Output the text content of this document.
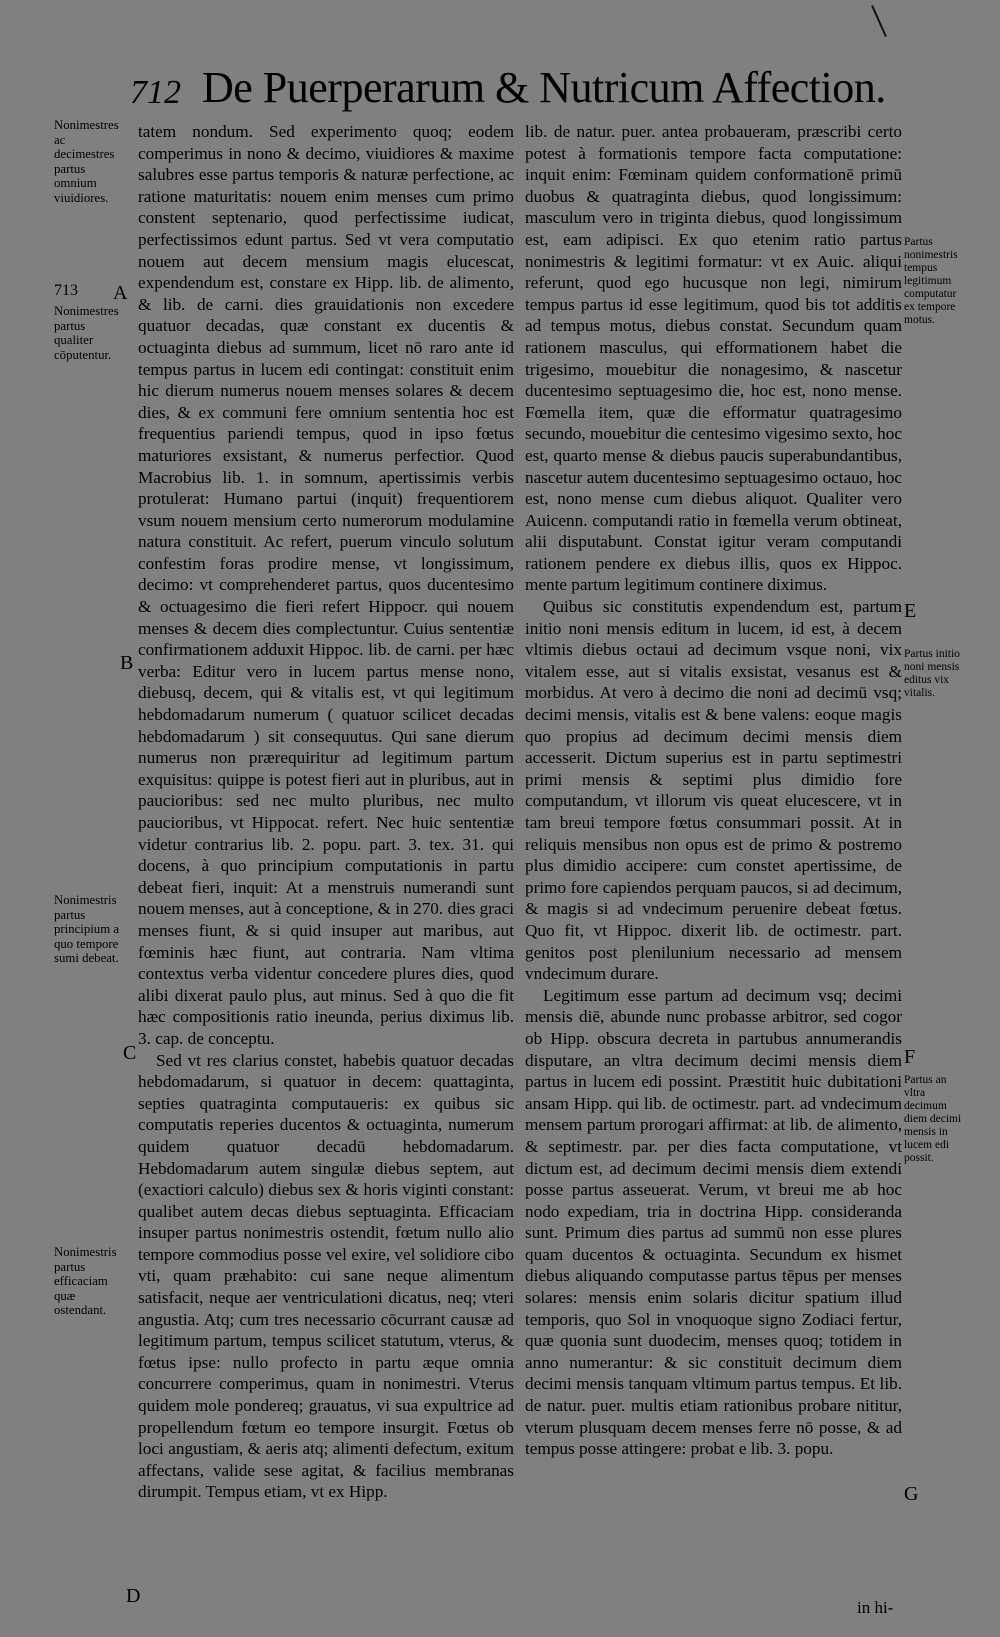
712 De Puerperarum & Nutricum Affection.
Nonimestres ac decimestres partus omnium viuidiores.
713	A
Nonimestres partus qualiter cōputentur.
B
Nonimestris partus principium a quo tempore sumi debeat.
C
Nonimestris partus efficaciam quæ ostendant.
D

tatem nondum. Sed experimento quoq; eodem comperimus in nono & decimo, viuidiores & maxime salubres esse partus temporis & naturæ perfectione, ac ratione maturitatis: nouem enim menses cum primo constent septenario, quod perfectissime iudicat, perfectissimos edunt partus. Sed vt vera computatio nouem aut decem mensium magis elucescat, expendendum est, constare ex Hipp. lib. de alimento, & lib. de carni. dies grauidationis non excedere quatuor decadas, quæ constant ex ducentis & octuaginta diebus ad summum, licet nō raro ante id tempus partus in lucem edi contingat: constituit enim hic dierum numerus nouem menses solares & decem dies, & ex communi fere omnium sententia hoc est frequentius pariendi tempus, quod in ipso fœtus maturiores exsistant, & numerus perfectior. Quod Macrobius lib. 1. in somnum, apertissimis verbis protulerat: Humano partui (inquit) frequentiorem vsum nouem mensium certo numerorum modulamine natura constituit. Ac refert, puerum vinculo solutum confestim foras prodire mense, vt longissimum, decimo: vt comprehenderet partus, quos ducentesimo & octuagesimo die fieri refert Hippocr. qui nouem menses & decem dies complectuntur. Cuius sententiæ confirmationem adduxit Hippoc. lib. de carni. per hæc verba: Editur vero in lucem partus mense nono, diebusq, decem, qui & vitalis est, vt qui legitimum hebdomadarum numerum ( quatuor scilicet decadas hebdomadarum ) sit consequutus. Qui sane dierum numerus non prærequiritur ad legitimum partum exquisitus: quippe is potest fieri aut in pluribus, aut in paucioribus: sed nec multo pluribus, nec multo paucioribus, vt Hippocat. refert. Nec huic sententiæ videtur contrarius lib. 2. popu. part. 3. tex. 31. qui docens, à quo principium computationis in partu debeat fieri, inquit: At a menstruis numerandi sunt nouem menses, aut à conceptione, & in 270. dies graci menses fiunt, & si quid insuper aut maribus, aut fœminis hæc fiunt, aut contraria. Nam vltima contextus verba videntur concedere plures dies, quod alibi dixerat paulo plus, aut minus. Sed à quo die fit hæc compositionis ratio ineunda, perius diximus lib. 3. cap. de conceptu.

Sed vt res clarius constet, habebis quatuor decadas hebdomadarum, si quatuor in decem: quattaginta, septies quatraginta computaueris: ex quibus sic computatis reperies ducentos & octuaginta, numerum quidem quatuor decadū hebdomadarum. Hebdomadarum autem singulæ diebus septem, aut (exactiori calculo) diebus sex & horis viginti constant: qualibet autem decas diebus septuaginta. Efficaciam insuper partus nonimestris ostendit, fœtum nullo alio tempore commodius posse vel exire, vel solidiore cibo vti, quam præhabito: cui sane neque alimentum satisfacit, neque aer ventriculationi dicatus, neq; vteri angustia. Atq; cum tres necessario cōcurrant causæ ad legitimum partum, tempus scilicet statutum, vterus, & fœtus ipse: nullo profecto in partu æque omnia concurrere comperimus, quam in nonimestri. Vterus quidem mole pondereq; grauatus, vi sua expultrice ad propellendum fœtum eo tempore insurgit. Fœtus ob loci angustiam, & aeris atq; alimenti defectum, exitum affectans, valide sese agitat, & facilius membranas dirumpit. Tempus etiam, vt ex Hipp.

lib. de natur. puer. antea probaueram, præscribi certo potest à formationis tempore facta computatione: inquit enim: Fœminam quidem conformationē primū duobus & quatraginta diebus, quod longissimum: masculum vero in triginta diebus, quod longissimum est, eam adipisci. Ex quo etenim ratio partus nonimestris & legitimi formatur: vt ex Auic. aliqui referunt, quod ego hucusque non legi, nimirum tempus partus id esse legitimum, quod bis tot additis ad tempus motus, diebus constat. Secundum quam rationem masculus, qui efformationem habet die trigesimo, mouebitur die nonagesimo, & nascetur ducentesimo septuagesimo die, hoc est, nono mense. Fœmella item, quæ die efformatur quatragesimo secundo, mouebitur die centesimo vigesimo sexto, hoc est, quarto mense & diebus paucis superabundantibus, nascetur autem ducentesimo septuagesimo octauo, hoc est, nono mense cum diebus aliquot. Qualiter vero Auicenn. computandi ratio in fœmella verum obtineat, alii disputabunt. Constat igitur veram computandi rationem pendere ex diebus illis, quos ex Hippoc. mente partum legitimum continere diximus.

Quibus sic constitutis expendendum est, partum initio noni mensis editum in lucem, id est, à decem vltimis diebus octaui ad decimum vsque noni, vix vitalem esse, aut si vitalis exsistat, vesanus est & morbidus. At vero à decimo die noni ad decimū vsq; decimi mensis, vitalis est & bene valens: eoque magis quo propius ad decimum decimi mensis diem accesserit. Dictum superius est in partu septimestri primi mensis & septimi plus dimidio fore computandum, vt illorum vis queat elucescere, vt in tam breui tempore fœtus consummari possit. At in reliquis mensibus non opus est de primo & postremo plus dimidio accipere: cum constet apertissime, de primo fore capiendos perquam paucos, si ad decimum, & magis si ad vndecimum peruenire debeat fœtus. Quo fit, vt Hippoc. dixerit lib. de octimestr. part. genitos post plenilunium necessario ad mensem vndecimum durare.

Legitimum esse partum ad decimum vsq; decimi mensis diē, abunde nunc probasse arbitror, sed cogor ob Hipp. obscura decreta in partubus annumerandis disputare, an vltra decimum decimi mensis diem partus in lucem edi possint. Præstitit huic dubitationi ansam Hipp. qui lib. de octimestr. part. ad vndecimum mensem partum prorogari affirmat: at lib. de alimento, & septimestr. par. per dies facta computatione, vt dictum est, ad decimum decimi mensis diem extendi posse partus asseuerat. Verum, vt breui me ab hoc nodo expediam, tria in doctrina Hipp. consideranda sunt. Primum dies partus ad summū non esse plures quam ducentos & octuaginta. Secundum ex hismet diebus aliquando computasse partus tēpus per menses solares: mensis enim solaris dicitur spatium illud temporis, quo Sol in vnoquoque signo Zodiaci fertur, quæ quonia sunt duodecim, menses quoq; totidem in anno numerantur: & sic constituit decimum diem decimi mensis tanquam vltimum partus tempus. Et lib. de natur. puer. multis etiam rationibus probare nititur, vterum plusquam decem menses ferre nō posse, & ad tempus posse attingere: probat e lib. 3. popu.

Partus nonimestris tempus legitimum computatur ex tempore motus.
E
Partus initio noni mensis editus vix vitalis.
F
Partus an vltra decimum diem decimi mensis in lucem edi possit.
G
in hi-
